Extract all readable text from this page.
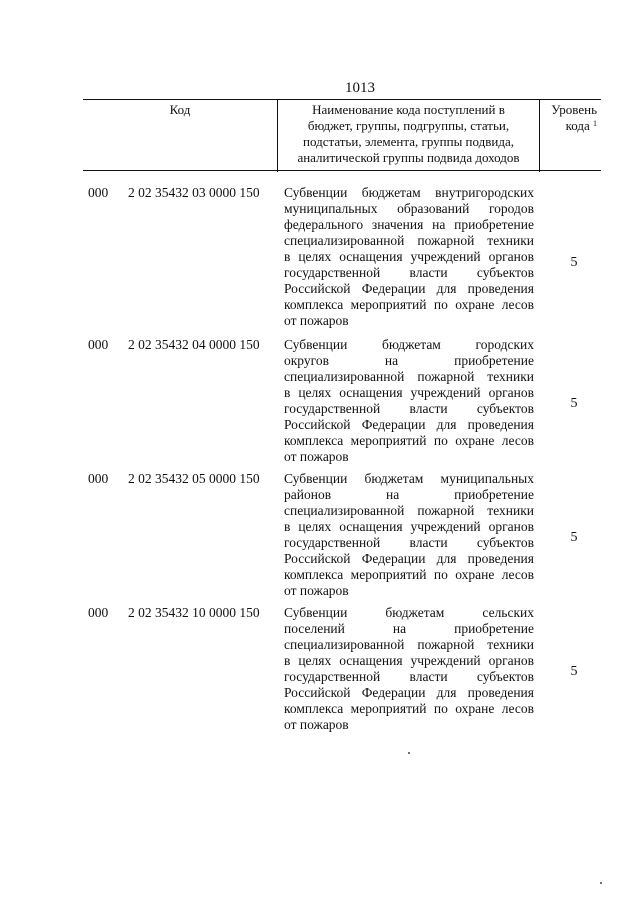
1013
Код	Наименование кода поступлений в
бюджет, группы, подгруппы, статьи,
подстатьи, элемента, группы подвида,
аналитической группы подвида доходов
Уровень
кода $^1$
000 2 02 35432 03 0000 150 Субвенции бюджетам внутригородских
муниципальных образований городов
федерального значения на приобретение
специализированной пожарной техники
в целях оснащения учреждений органов
государственной власти субъектов
Российской Федерации для проведения
комплекса мероприятий по охране лесов
от пожаров
5
000 2 02 35432 04 0000 150 Субвенции бюджетам городских
округов на приобретение
специализированной пожарной техники
в целях оснащения учреждений органов
государственной власти субъектов
Российской Федерации для проведения
комплекса мероприятий по охране лесов
от пожаров
5
000 2 02 35432 05 0000 150 Субвенции бюджетам муниципальных
районов на приобретение
специализированной пожарной техники
в целях оснащения учреждений органов
государственной власти субъектов
Российской Федерации для проведения
комплекса мероприятий по охране лесов
от пожаров
5
000 2 02 35432 10 0000 150 Субвенции бюджетам сельских
поселений на приобретение
специализированной пожарной техники
в целях оснащения учреждений органов
государственной власти субъектов
Российской Федерации для проведения
комплекса мероприятий по охране лесов
от пожаров
5
